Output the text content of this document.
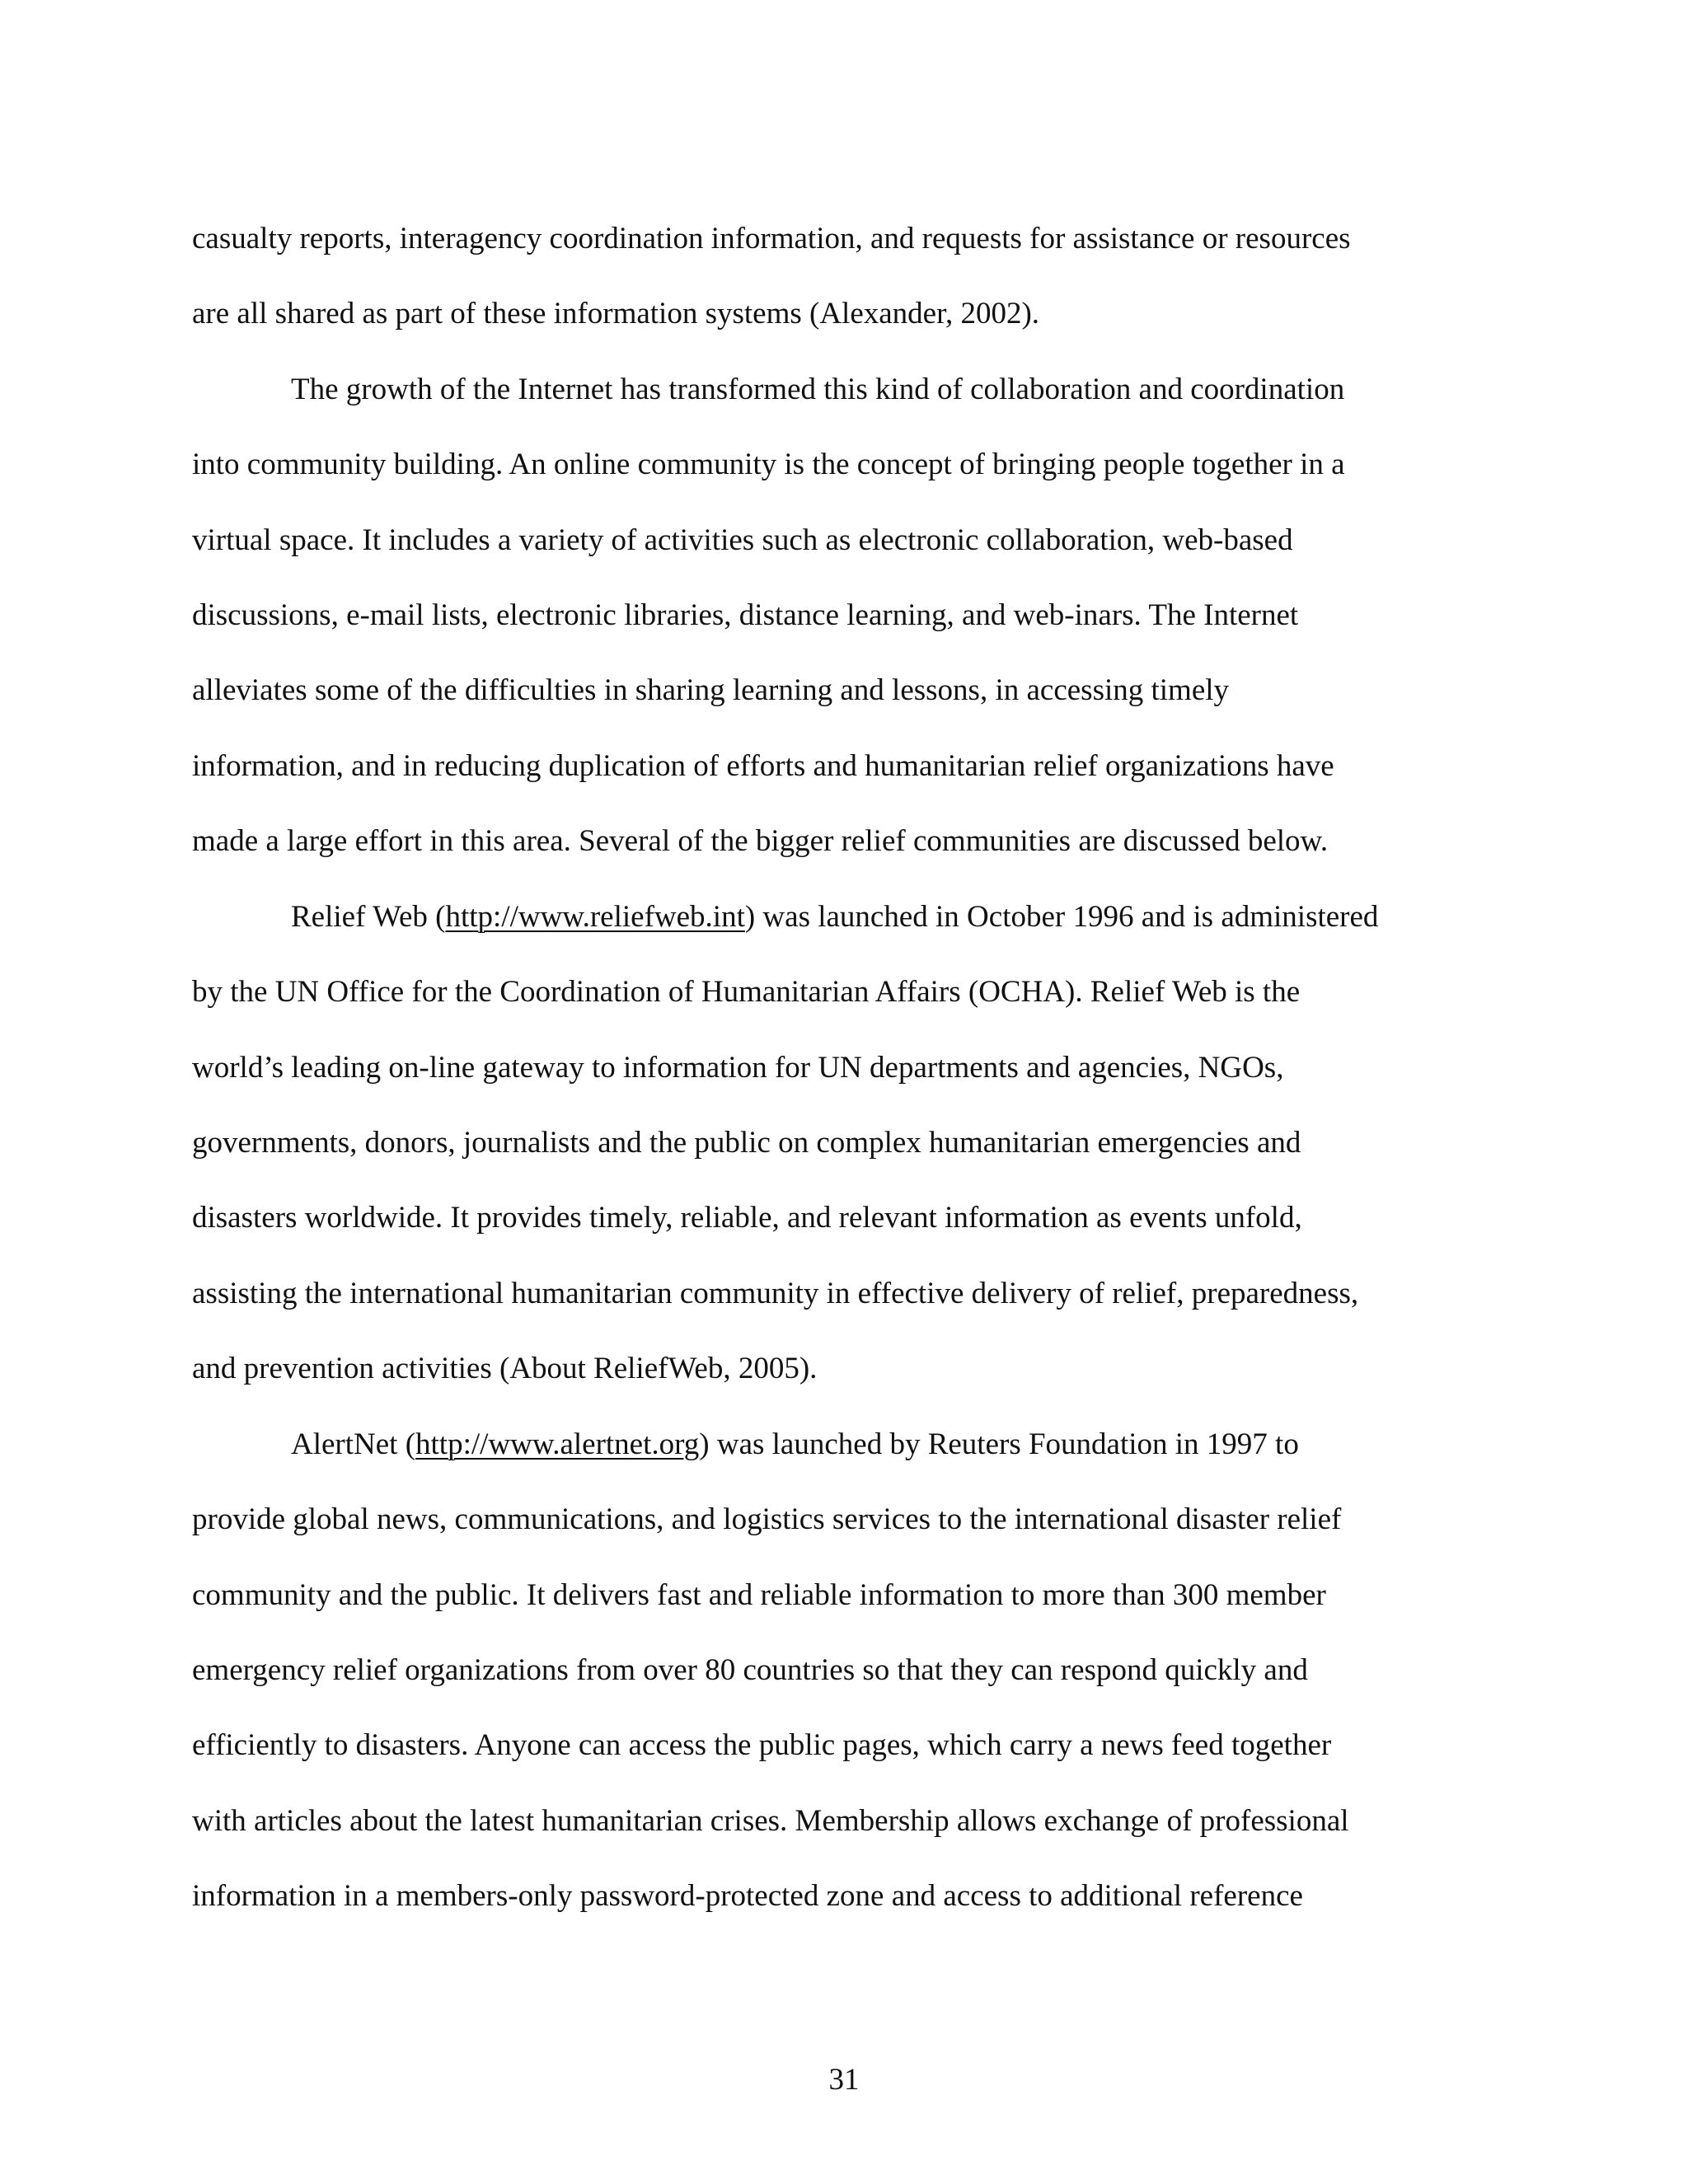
casualty reports, interagency coordination information, and requests for assistance or resources
are all shared as part of these information systems (Alexander, 2002).
The growth of the Internet has transformed this kind of collaboration and coordination
into community building. An online community is the concept of bringing people together in a
virtual space. It includes a variety of activities such as electronic collaboration, web-based
discussions, e-mail lists, electronic libraries, distance learning, and web-inars. The Internet
alleviates some of the difficulties in sharing learning and lessons, in accessing timely
information, and in reducing duplication of efforts and humanitarian relief organizations have
made a large effort in this area. Several of the bigger relief communities are discussed below.
Relief Web (http://www.reliefweb.int) was launched in October 1996 and is administered
by the UN Office for the Coordination of Humanitarian Affairs (OCHA). Relief Web is the
world’s leading on-line gateway to information for UN departments and agencies, NGOs,
governments, donors, journalists and the public on complex humanitarian emergencies and
disasters worldwide. It provides timely, reliable, and relevant information as events unfold,
assisting the international humanitarian community in effective delivery of relief, preparedness,
and prevention activities (About ReliefWeb, 2005).
AlertNet (http://www.alertnet.org) was launched by Reuters Foundation in 1997 to
provide global news, communications, and logistics services to the international disaster relief
community and the public. It delivers fast and reliable information to more than 300 member
emergency relief organizations from over 80 countries so that they can respond quickly and
efficiently to disasters. Anyone can access the public pages, which carry a news feed together
with articles about the latest humanitarian crises. Membership allows exchange of professional
information in a members-only password-protected zone and access to additional reference
31
